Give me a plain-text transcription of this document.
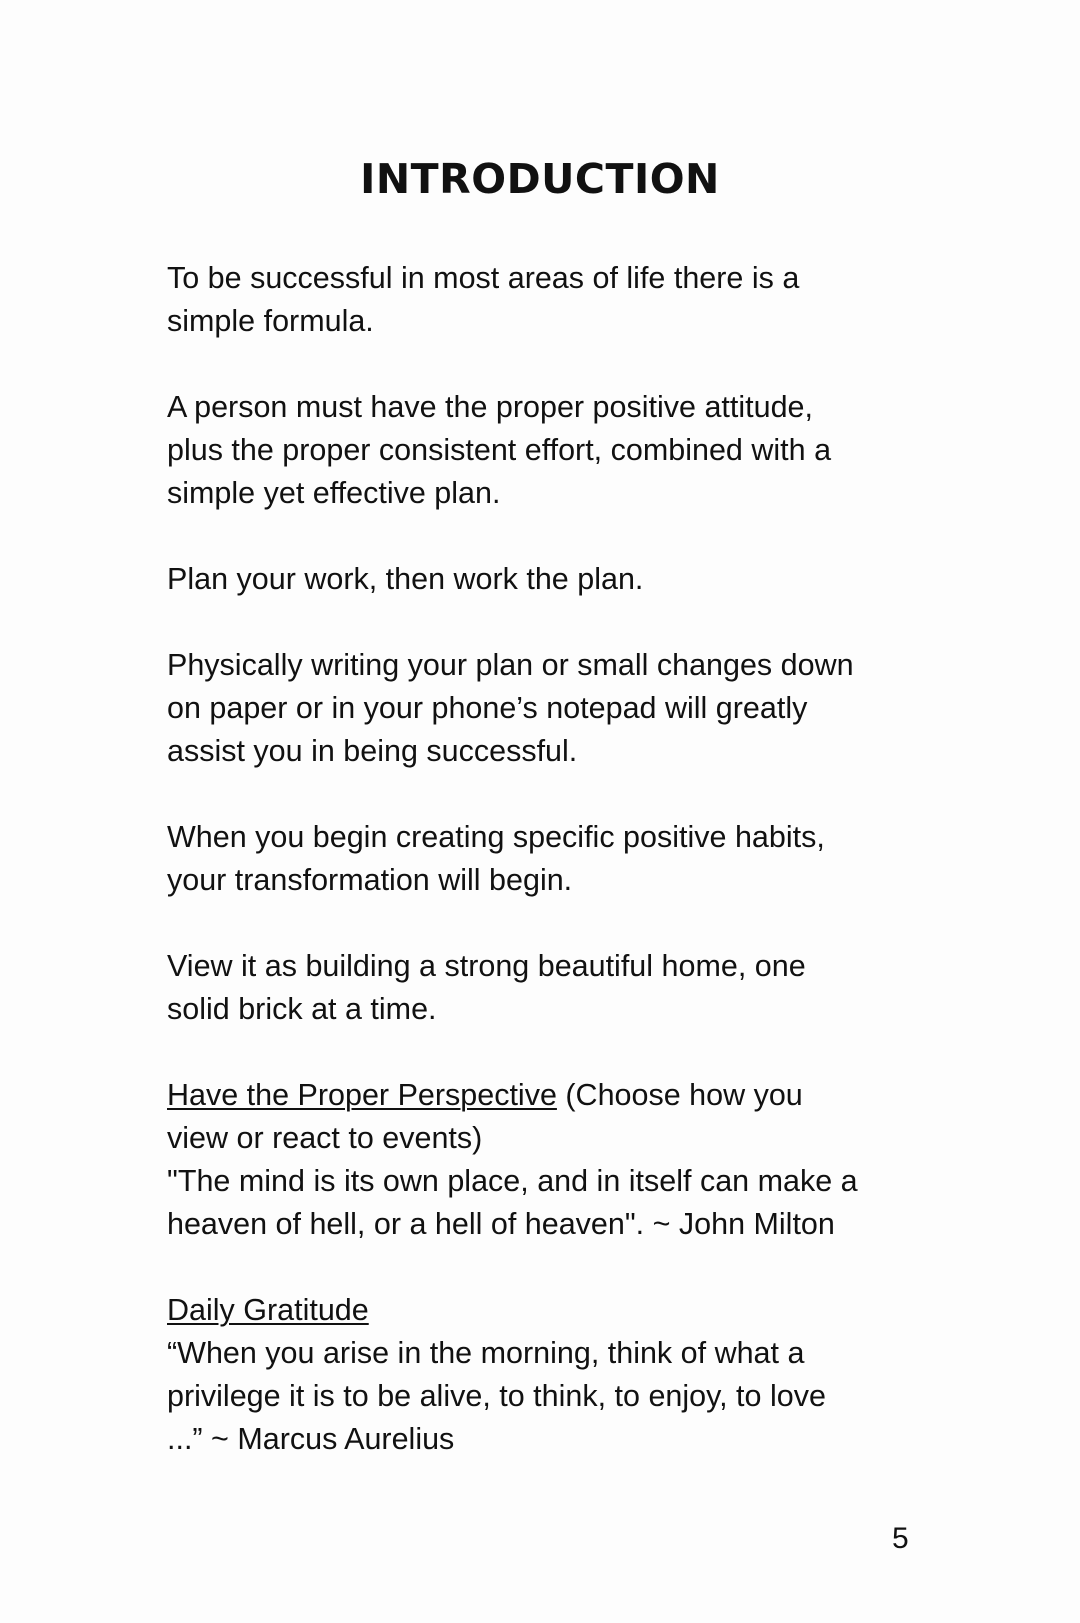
INTRODUCTION

To be successful in most areas of life there is a
simple formula.

A person must have the proper positive attitude,
plus the proper consistent effort, combined with a
simple yet effective plan.

Plan your work, then work the plan.

Physically writing your plan or small changes down
on paper or in your phone’s notepad will greatly
assist you in being successful.

When you begin creating specific positive habits,
your transformation will begin.

View it as building a strong beautiful home, one
solid brick at a time.

Have the Proper Perspective (Choose how you
view or react to events)
"The mind is its own place, and in itself can make a
heaven of hell, or a hell of heaven". ~ John Milton

Daily Gratitude
“When you arise in the morning, think of what a
privilege it is to be alive, to think, to enjoy, to love
...” ~ Marcus Aurelius

5
